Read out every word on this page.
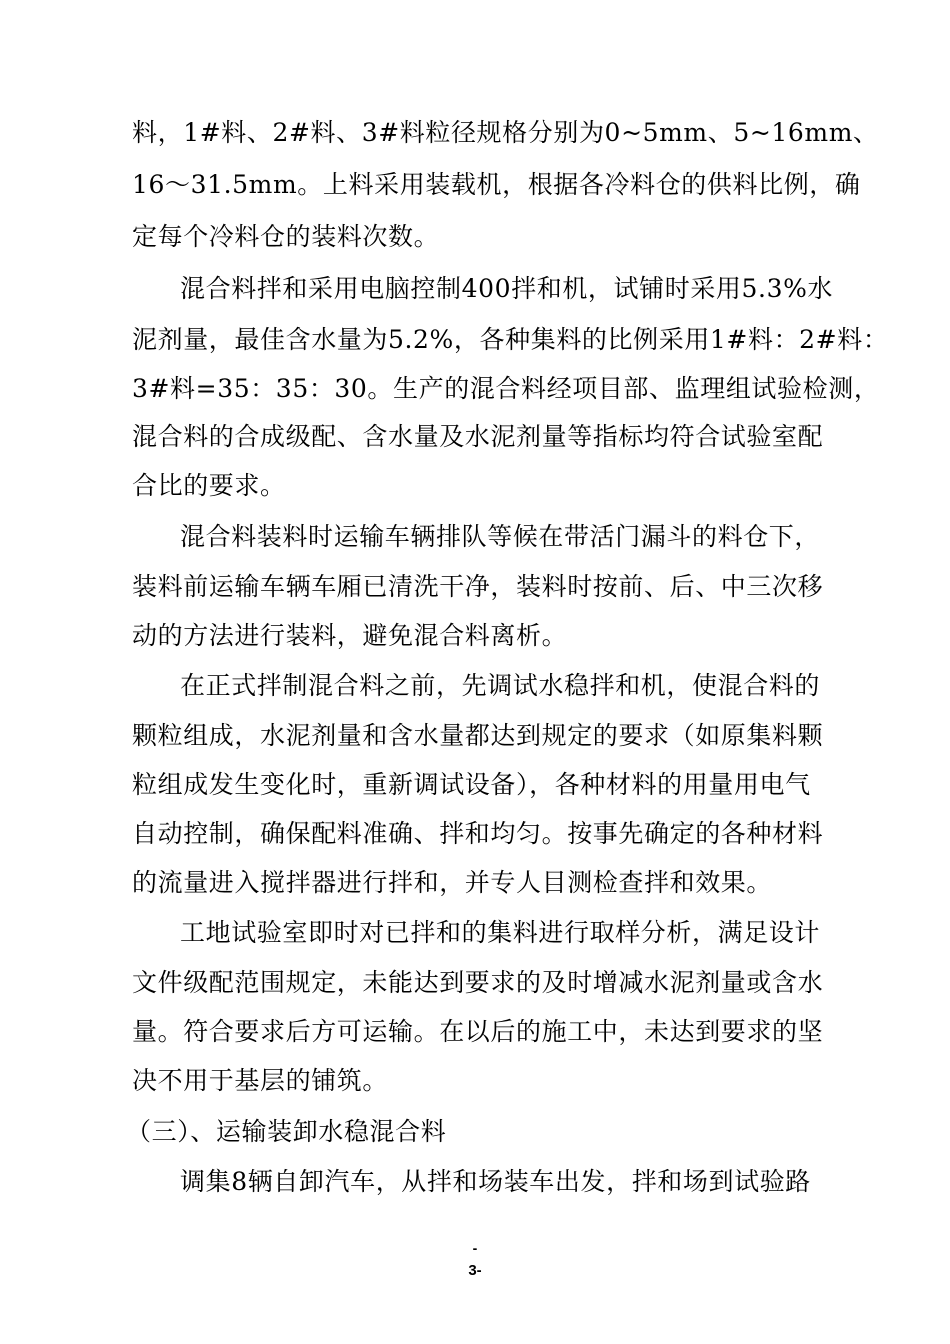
料，1#料、2#料、3#料粒径规格分别为0~5mm、5~16mm、
16～31.5mm。上料采用装载机，根据各冷料仓的供料比例，确
定每个冷料仓的装料次数。
混合料拌和采用电脑控制400拌和机，试铺时采用5.3%水
泥剂量，最佳含水量为5.2%，各种集料的比例采用1#料：2#料：
3#料=35：35：30。生产的混合料经项目部、监理组试验检测，
混合料的合成级配、含水量及水泥剂量等指标均符合试验室配
合比的要求。
混合料装料时运输车辆排队等候在带活门漏斗的料仓下，
装料前运输车辆车厢已清洗干净，装料时按前、后、中三次移
动的方法进行装料，避免混合料离析。
在正式拌制混合料之前，先调试水稳拌和机，使混合料的
颗粒组成，水泥剂量和含水量都达到规定的要求（如原集料颗
粒组成发生变化时，重新调试设备），各种材料的用量用电气
自动控制，确保配料准确、拌和均匀。按事先确定的各种材料
的流量进入搅拌器进行拌和，并专人目测检查拌和效果。
工地试验室即时对已拌和的集料进行取样分析，满足设计
文件级配范围规定，未能达到要求的及时增减水泥剂量或含水
量。符合要求后方可运输。在以后的施工中，未达到要求的坚
决不用于基层的铺筑。
（三）、运输装卸水稳混合料
调集8辆自卸汽车，从拌和场装车出发，拌和场到试验路
-
3-
